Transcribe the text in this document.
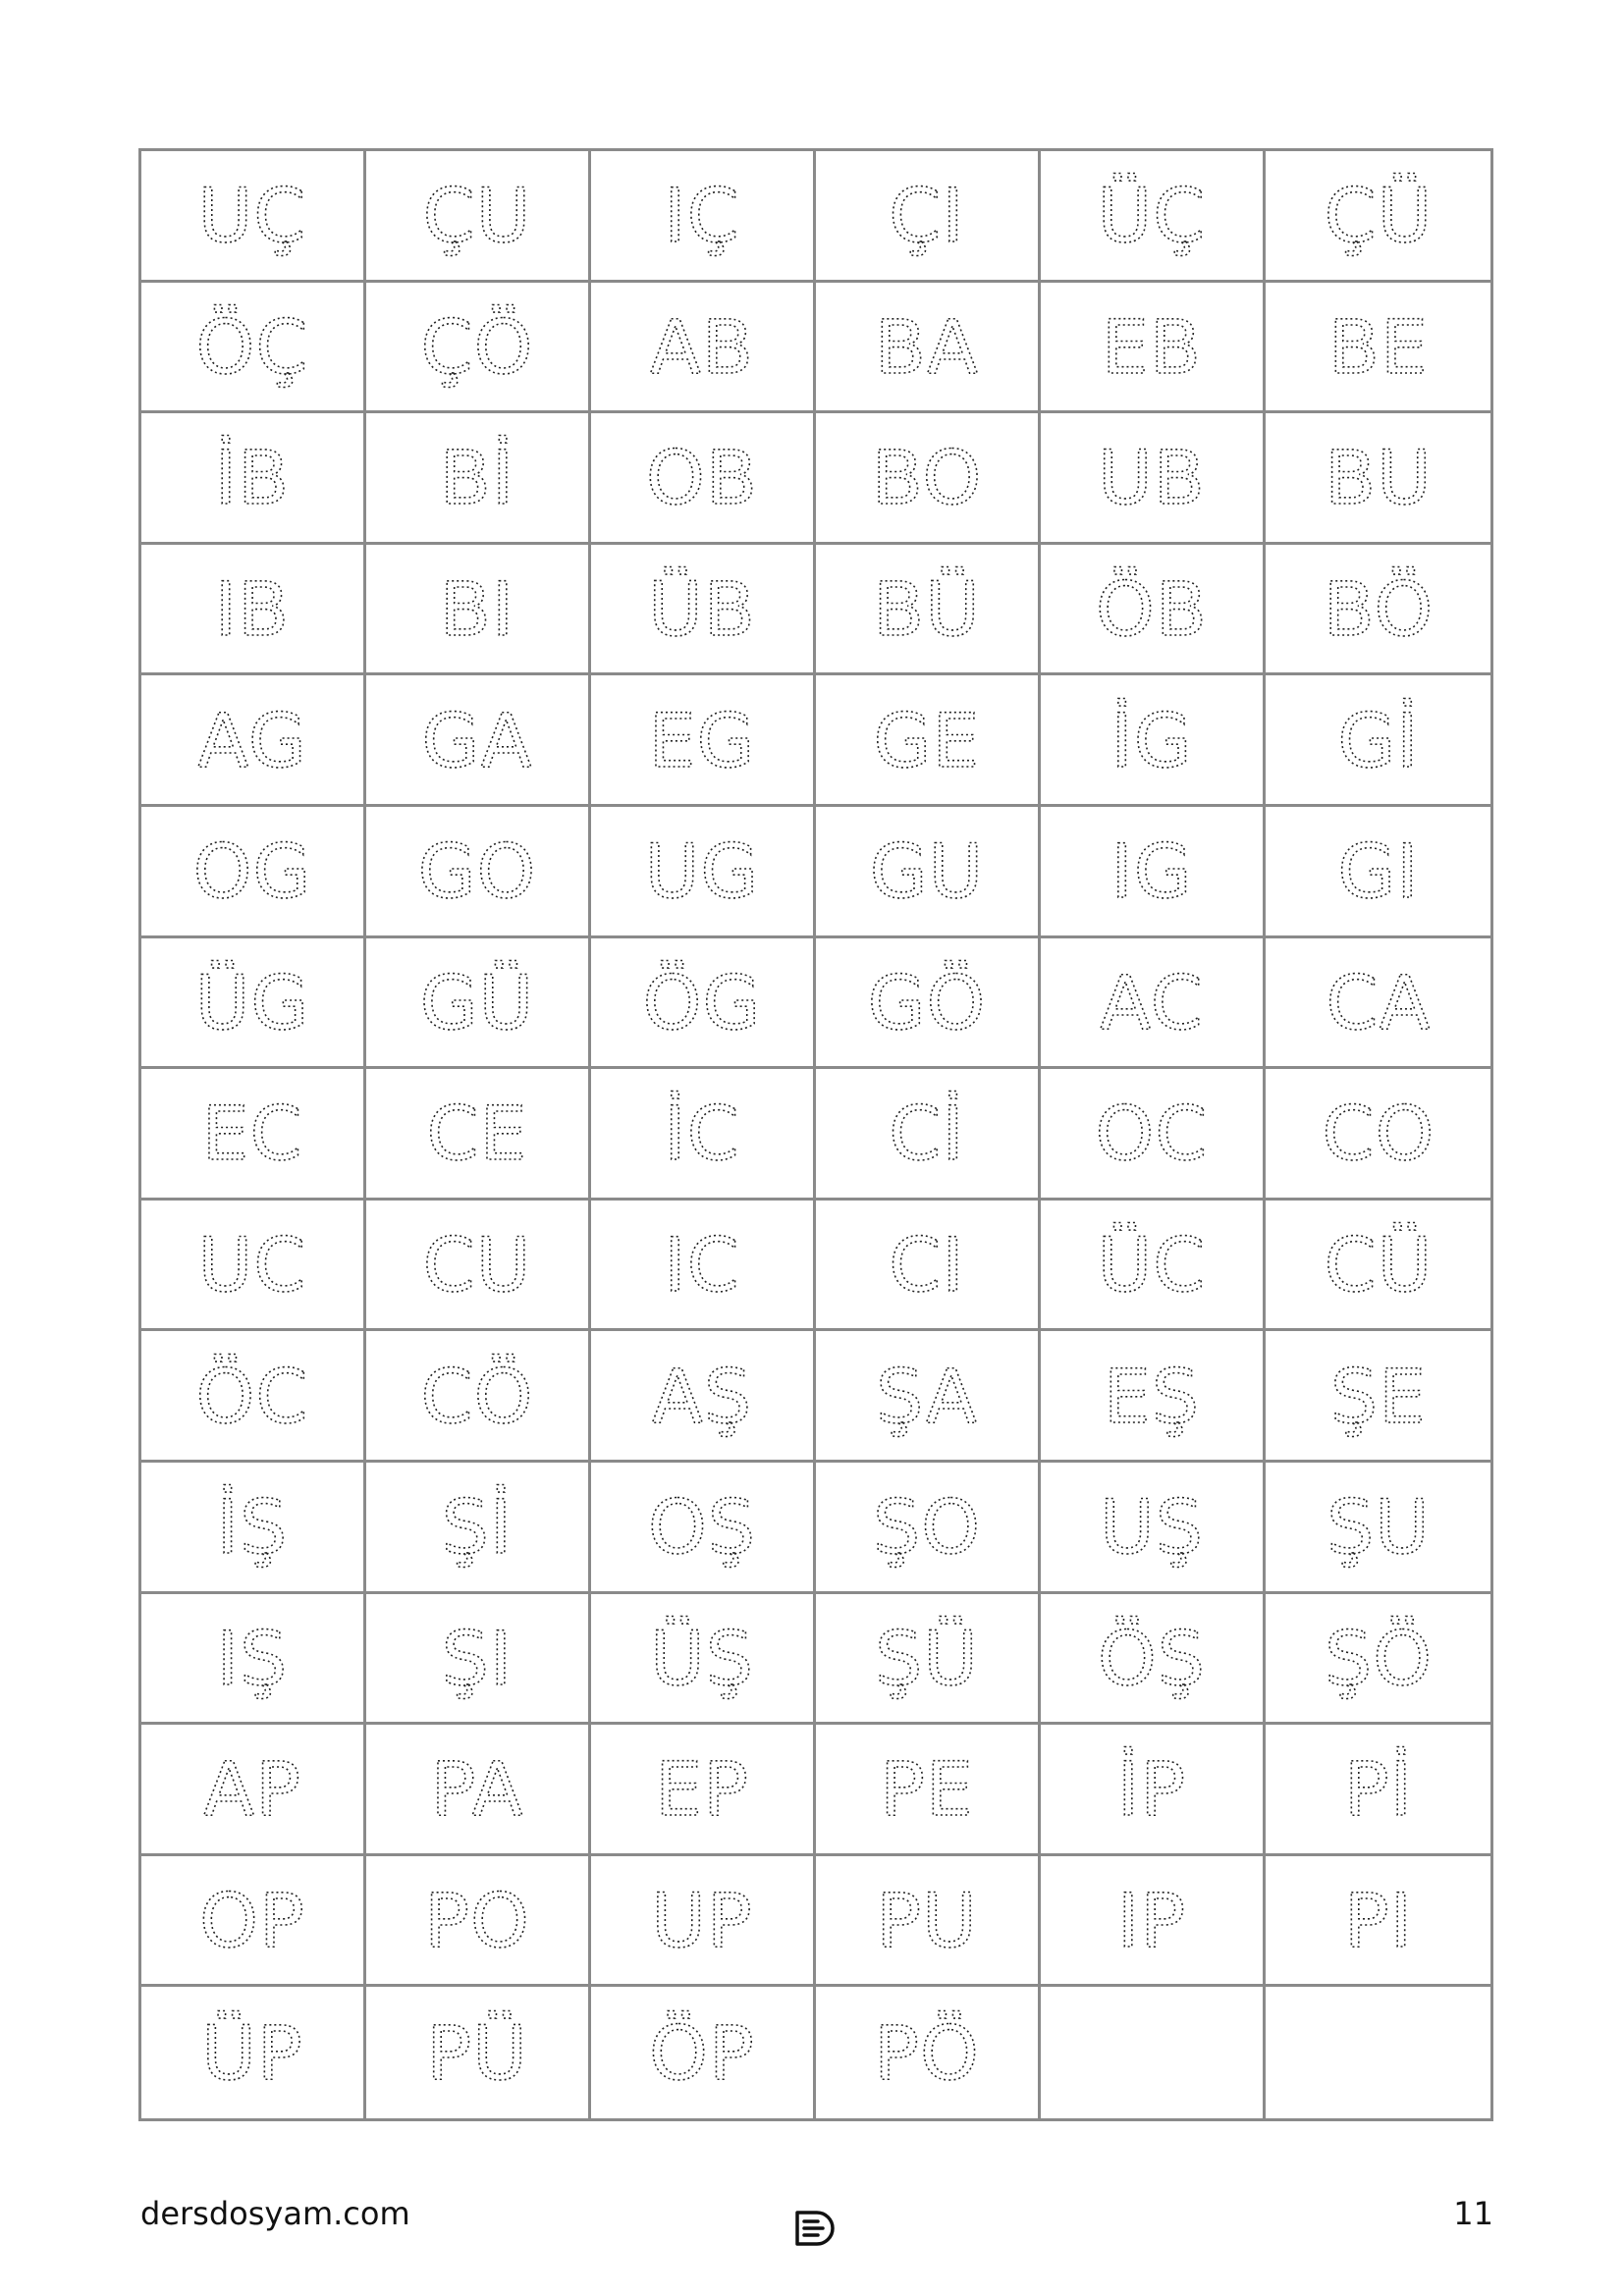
UÇ ÇU IÇ ÇI ÜÇ ÇÜ
ÖÇ ÇÖ AB BA EB BE
İB Bİ OB BO UB BU
IB BI ÜB BÜ ÖB BÖ
AG GA EG GE İG Gİ
OG GO UG GU IG GI
ÜG GÜ ÖG GÖ AC CA
EC CE İC Cİ OC CO
UC CU IC CI ÜC CÜ
ÖC CÖ AŞ ŞA EŞ ŞE
İŞ Şİ OŞ ŞO UŞ ŞU
IŞ ŞI ÜŞ ŞÜ ÖŞ ŞÖ
AP PA EP PE İP Pİ
OP PO UP PU IP PI
ÜP PÜ ÖP PÖ
dersdosyam.com	11
